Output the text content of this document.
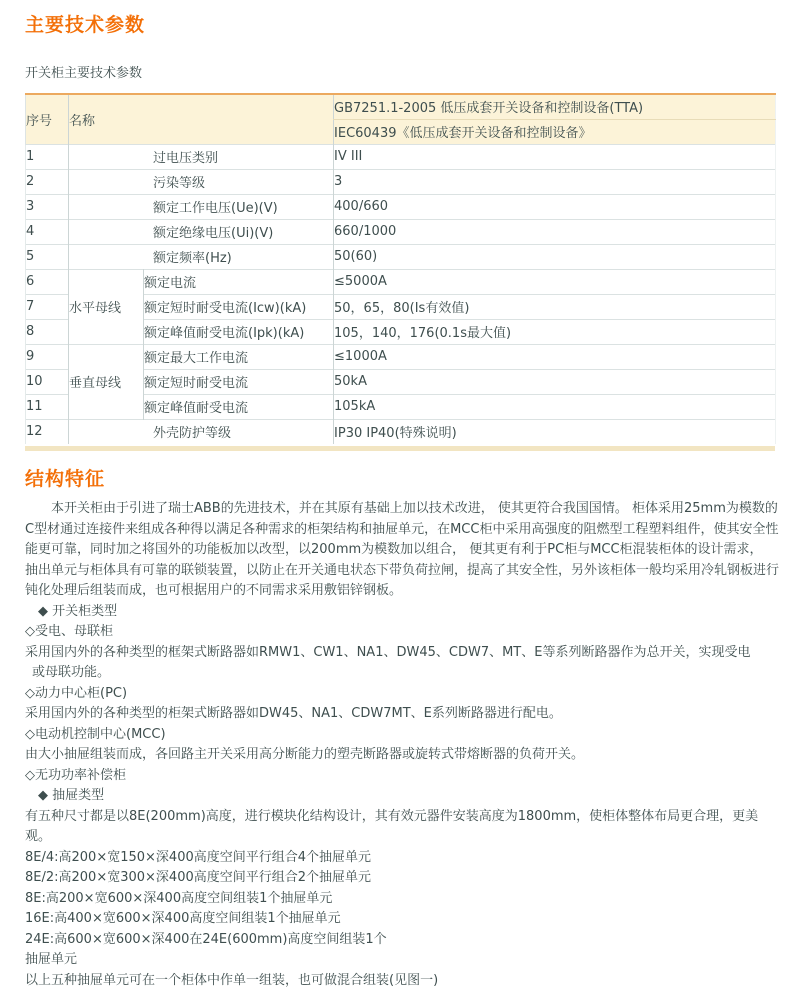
主要技术参数
开关柜主要技术参数
序号	名称		GB7251.1-2005 低压成套开关设备和控制设备(TTA)
			IEC60439《低压成套开关设备和控制设备》
1	过电压类别		IV III
2	污染等级		3
3	额定工作电压(Ue)(V)		400/660
4	额定绝缘电压(Ui)(V)		660/1000
5	额定频率(Hz)		50(60)
6	水平母线	额定电流	≤5000A
7		额定短时耐受电流(Icw)(kA)	50，65，80(Is有效值)
8		额定峰值耐受电流(Ipk)(kA)	105，140，176(0.1s最大值)
9	垂直母线	额定最大工作电流	≤1000A
10		额定短时耐受电流	50kA
11		额定峰值耐受电流	105kA
12	外壳防护等级		IP30 IP40(特殊说明)
结构特征
本开关柜由于引进了瑞士ABB的先进技术，并在其原有基础上加以技术改进， 使其更符合我国国情。 柜体采用25mm为模数的
C型材通过连接件来组成各种得以满足各种需求的柜架结构和抽屉单元，在MCC柜中采用高强度的阻燃型工程塑料组件，使其安全性
能更可靠，同时加之将国外的功能板加以改型，以200mm为模数加以组合， 便其更有利于PC柜与MCC柜混装柜体的设计需求，
抽出单元与柜体具有可靠的联锁装置，以防止在开关通电状态下带负荷拉闸，提高了其安全性，另外该柜体一般均采用冷轧钢板进行
钝化处理后组装而成，也可根据用户的不同需求采用敷铝锌钢板。
◆ 开关柜类型
◇受电、母联柜
采用国内外的各种类型的框架式断路器如RMW1、CW1、NA1、DW45、CDW7、MT、E等系列断路器作为总开关，实现受电
或母联功能。
◇动力中心柜(PC)
采用国内外的各种类型的柜架式断路器如DW45、NA1、CDW7MT、E系列断路器进行配电。
◇电动机控制中心(MCC)
由大小抽屉组装而成，各回路主开关采用高分断能力的塑壳断路器或旋转式带熔断器的负荷开关。
◇无功功率补偿柜
◆ 抽屉类型
有五种尺寸都是以8E(200mm)高度，进行模块化结构设计，其有效元器件安装高度为1800mm，使柜体整体布局更合理，更美
观。
8E/4:高200×宽150×深400高度空间平行组合4个抽屉单元
8E/2:高200×宽300×深400高度空间平行组合2个抽屉单元
8E:高200×宽600×深400高度空间组装1个抽屉单元
16E:高400×宽600×深400高度空间组装1个抽屉单元
24E:高600×宽600×深400在24E(600mm)高度空间组装1个
抽屉单元
以上五种抽屉单元可在一个柜体中作单一组装，也可做混合组装(见图一)
